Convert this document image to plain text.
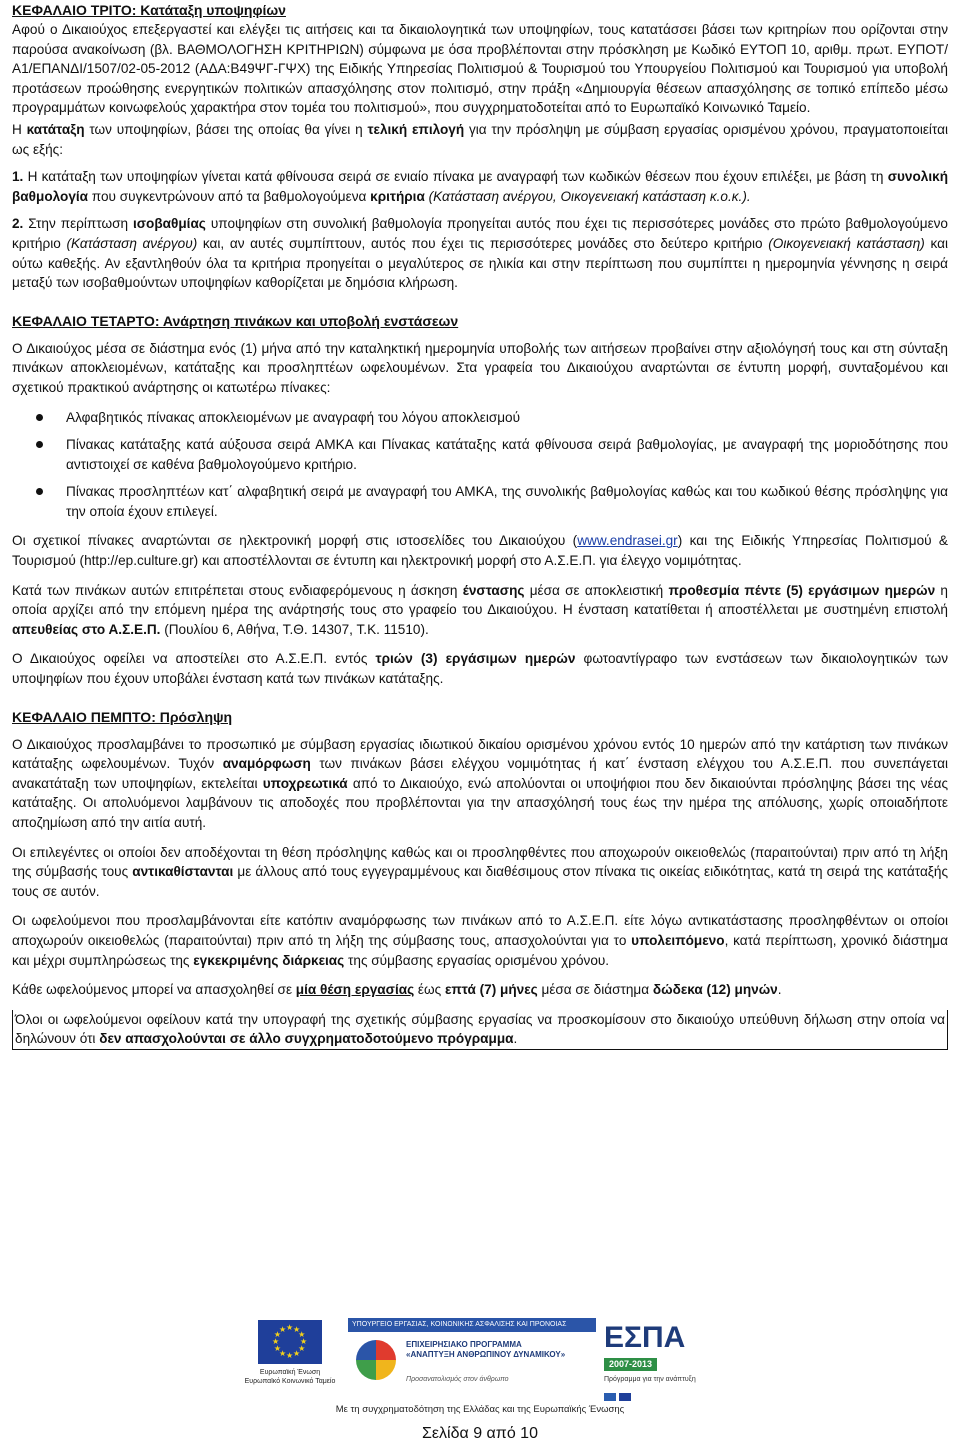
ΚΕΦΑΛΑΙΟ ΤΡΙΤΟ: Κατάταξη υποψηφίων

Αφού ο Δικαιούχος επεξεργαστεί και ελέγξει τις αιτήσεις και τα δικαιολογητικά των υποψηφίων, τους κατατάσσει βάσει των κριτηρίων που ορίζονται στην παρούσα ανακοίνωση (βλ. ΒΑΘΜΟΛΟΓΗΣΗ ΚΡΙΤΗΡΙΩΝ) σύμφωνα με όσα προβλέπονται στην πρόσκληση με Κωδικό ΕΥΤΟΠ 10, αριθμ. πρωτ. ΕΥΠΟΤ/Α1/ΕΠΑΝΔΙ/1507/02-05-2012 (ΑΔΑ:Β49ΨΓ-ΓΨΧ) της Ειδικής Υπηρεσίας Πολιτισμού & Τουρισμού του Υπουργείου Πολιτισμού και Τουρισμού για υποβολή προτάσεων προώθησης ενεργητικών πολιτικών απασχόλησης στον πολιτισμό, στην πράξη «Δημιουργία θέσεων απασχόλησης σε τοπικό επίπεδο μέσω προγραμμάτων κοινωφελούς χαρακτήρα στον τομέα του πολιτισμού», που συγχρηματοδοτείται από το Ευρωπαϊκό Κοινωνικό Ταμείο.

Η κατάταξη των υποψηφίων, βάσει της οποίας θα γίνει η τελική επιλογή για την πρόσληψη με σύμβαση εργασίας ορισμένου χρόνου, πραγματοποιείται ως εξής:

1. Η κατάταξη των υποψηφίων γίνεται κατά φθίνουσα σειρά σε ενιαίο πίνακα με αναγραφή των κωδικών θέσεων που έχουν επιλέξει, με βάση τη συνολική βαθμολογία που συγκεντρώνουν από τα βαθμολογούμενα κριτήρια (Κατάσταση ανέργου, Οικογενειακή κατάσταση κ.ο.κ.).

2. Στην περίπτωση ισοβαθμίας υποψηφίων στη συνολική βαθμολογία προηγείται αυτός που έχει τις περισσότερες μονάδες στο πρώτο βαθμολογούμενο κριτήριο (Κατάσταση ανέργου) και, αν αυτές συμπίπτουν, αυτός που έχει τις περισσότερες μονάδες στο δεύτερο κριτήριο (Οικογενειακή κατάσταση) και ούτω καθεξής. Αν εξαντληθούν όλα τα κριτήρια προηγείται ο μεγαλύτερος σε ηλικία και στην περίπτωση που συμπίπτει η ημερομηνία γέννησης η σειρά μεταξύ των ισοβαθμούντων υποψηφίων καθορίζεται με δημόσια κλήρωση.

ΚΕΦΑΛΑΙΟ ΤΕΤΑΡΤΟ: Ανάρτηση πινάκων και υποβολή ενστάσεων

Ο Δικαιούχος μέσα σε διάστημα ενός (1) μήνα από την καταληκτική ημερομηνία υποβολής των αιτήσεων προβαίνει στην αξιολόγησή τους και στη σύνταξη πινάκων αποκλειομένων, κατάταξης και προσληπτέων ωφελουμένων. Στα γραφεία του Δικαιούχου αναρτώνται σε έντυπη μορφή, συνταξομένου και σχετικού πρακτικού ανάρτησης οι κατωτέρω πίνακες:

Αλφαβητικός πίνακας αποκλειομένων με αναγραφή του λόγου αποκλεισμού
Πίνακας κατάταξης κατά αύξουσα σειρά ΑΜΚΑ και Πίνακας κατάταξης κατά φθίνουσα σειρά βαθμολογίας, με αναγραφή της μοριοδότησης που αντιστοιχεί σε καθένα βαθμολογούμενο κριτήριο.
Πίνακας προσληπτέων κατ΄ αλφαβητική σειρά με αναγραφή του ΑΜΚΑ, της συνολικής βαθμολογίας καθώς και του κωδικού θέσης πρόσληψης για την οποία έχουν επιλεγεί.

Οι σχετικοί πίνακες αναρτώνται σε ηλεκτρονική μορφή στις ιστοσελίδες του Δικαιούχου (www.endrasei.gr) και της Ειδικής Υπηρεσίας Πολιτισμού & Τουρισμού (http://ep.culture.gr) και αποστέλλονται σε έντυπη και ηλεκτρονική μορφή στο Α.Σ.Ε.Π. για έλεγχο νομιμότητας.

Κατά των πινάκων αυτών επιτρέπεται στους ενδιαφερόμενους η άσκηση ένστασης μέσα σε αποκλειστική προθεσμία πέντε (5) εργάσιμων ημερών η οποία αρχίζει από την επόμενη ημέρα της ανάρτησής τους στο γραφείο του Δικαιούχου. Η ένσταση κατατίθεται ή αποστέλλεται με συστημένη επιστολή απευθείας στο Α.Σ.Ε.Π. (Πουλίου 6, Αθήνα, Τ.Θ. 14307, Τ.Κ. 11510).

Ο Δικαιούχος οφείλει να αποστείλει στο Α.Σ.Ε.Π. εντός τριών (3) εργάσιμων ημερών φωτοαντίγραφο των ενστάσεων των δικαιολογητικών των υποψηφίων που έχουν υποβάλει ένσταση κατά των πινάκων κατάταξης.

ΚΕΦΑΛΑΙΟ ΠΕΜΠΤΟ: Πρόσληψη

Ο Δικαιούχος προσλαμβάνει το προσωπικό με σύμβαση εργασίας ιδιωτικού δικαίου ορισμένου χρόνου εντός 10 ημερών από την κατάρτιση των πινάκων κατάταξης ωφελουμένων. Τυχόν αναμόρφωση των πινάκων βάσει ελέγχου νομιμότητας ή κατ΄ ένσταση ελέγχου του Α.Σ.Ε.Π. που συνεπάγεται ανακατάταξη των υποψηφίων, εκτελείται υποχρεωτικά από το Δικαιούχο, ενώ απολύονται οι υποψήφιοι που δεν δικαιούνται πρόσληψης βάσει της νέας κατάταξης. Οι απολυόμενοι λαμβάνουν τις αποδοχές που προβλέπονται για την απασχόλησή τους έως την ημέρα της απόλυσης, χωρίς οποιαδήποτε αποζημίωση από την αιτία αυτή.

Οι επιλεγέντες οι οποίοι δεν αποδέχονται τη θέση πρόσληψης καθώς και οι προσληφθέντες που αποχωρούν οικειοθελώς (παραιτούνται) πριν από τη λήξη της σύμβασής τους αντικαθίστανται με άλλους από τους εγγεγραμμένους και διαθέσιμους στον πίνακα τις οικείας ειδικότητας, κατά τη σειρά της κατάταξής τους σε αυτόν.

Οι ωφελούμενοι που προσλαμβάνονται είτε κατόπιν αναμόρφωσης των πινάκων από το Α.Σ.Ε.Π. είτε λόγω αντικατάστασης προσληφθέντων οι οποίοι αποχωρούν οικειοθελώς (παραιτούνται) πριν από τη λήξη της σύμβασης τους, απασχολούνται για το υπολειπόμενο, κατά περίπτωση, χρονικό διάστημα και μέχρι συμπληρώσεως της εγκεκριμένης διάρκειας της σύμβασης εργασίας ορισμένου χρόνου.

Κάθε ωφελούμενος μπορεί να απασχοληθεί σε μία θέση εργασίας έως επτά (7) μήνες μέσα σε διάστημα δώδεκα (12) μηνών.

Όλοι οι ωφελούμενοι οφείλουν κατά την υπογραφή της σχετικής σύμβασης εργασίας να προσκομίσουν στο δικαιούχο υπεύθυνη δήλωση στην οποία να δηλώνουν ότι δεν απασχολούνται σε άλλο συγχρηματοδοτούμενο πρόγραμμα.

★
★
★
★
★
★
★
★
★ ★ ★
★
Ευρωπαϊκή Ένωση
Ευρωπαϊκό Κοινωνικό Ταμείο
ΥΠΟΥΡΓΕΙΟ ΕΡΓΑΣΙΑΣ, ΚΟΙΝΩΝΙΚΗΣ ΑΣΦΑΛΙΣΗΣ ΚΑΙ ΠΡΟΝΟΙΑΣ
ΕΠΙΧΕΙΡΗΣΙΑΚΟ ΠΡΟΓΡΑΜΜΑ
«ΑΝΑΠΤΥΞΗ ΑΝΘΡΩΠΙΝΟΥ ΔΥΝΑΜΙΚΟΥ»
Προσανατολισμός στον άνθρωπο
ΕΣΠΑ
2007-2013
Πρόγραμμα για την ανάπτυξη
Με τη συγχρηματοδότηση της Ελλάδας και της Ευρωπαϊκής Ένωσης
Σελίδα 9 από 10
